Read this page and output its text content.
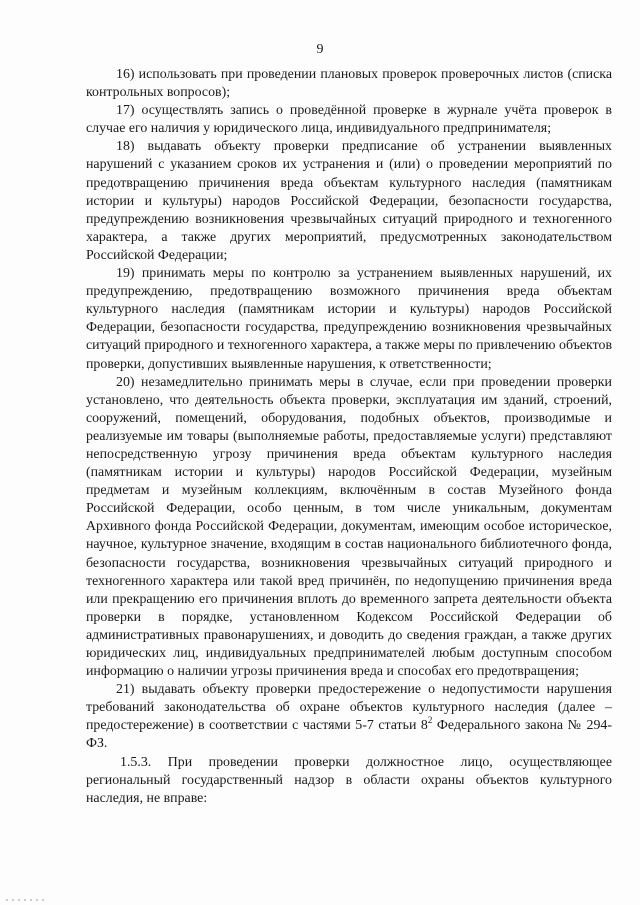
9

16) использовать при проведении плановых проверок проверочных листов (списка контрольных вопросов);

17) осуществлять запись о проведённой проверке в журнале учёта проверок в случае его наличия у юридического лица, индивидуального предпринимателя;

18) выдавать объекту проверки предписание об устранении выявленных нарушений с указанием сроков их устранения и (или) о проведении мероприятий по предотвращению причинения вреда объектам культурного наследия (памятникам истории и культуры) народов Российской Федерации, безопасности государства, предупреждению возникновения чрезвычайных ситуаций природного и техногенного характера, а также других мероприятий, предусмотренных законодательством Российской Федерации;

19) принимать меры по контролю за устранением выявленных нарушений, их предупреждению, предотвращению возможного причинения вреда объектам культурного наследия (памятникам истории и культуры) народов Российской Федерации, безопасности государства, предупреждению возникновения чрезвычайных ситуаций природного и техногенного характера, а также меры по привлечению объектов проверки, допустивших выявленные нарушения, к ответственности;

20) незамедлительно принимать меры в случае, если при проведении проверки установлено, что деятельность объекта проверки, эксплуатация им зданий, строений, сооружений, помещений, оборудования, подобных объектов, производимые и реализуемые им товары (выполняемые работы, предоставляемые услуги) представляют непосредственную угрозу причинения вреда объектам культурного наследия (памятникам истории и культуры) народов Российской Федерации, музейным предметам и музейным коллекциям, включённым в состав Музейного фонда Российской Федерации, особо ценным, в том числе уникальным, документам Архивного фонда Российской Федерации, документам, имеющим особое историческое, научное, культурное значение, входящим в состав национального библиотечного фонда, безопасности государства, возникновения чрезвычайных ситуаций природного и техногенного характера или такой вред причинён, по недопущению причинения вреда или прекращению его причинения вплоть до временного запрета деятельности объекта проверки в порядке, установленном Кодексом Российской Федерации об административных правонарушениях, и доводить до сведения граждан, а также других юридических лиц, индивидуальных предпринимателей любым доступным способом информацию о наличии угрозы причинения вреда и способах его предотвращения;

21) выдавать объекту проверки предостережение о недопустимости нарушения требований законодательства об охране объектов культурного наследия (далее – предостережение) в соответствии с частями 5-7 статьи $8^2$ Федерального закона № 294-ФЗ.

1.5.3. При проведении проверки должностное лицо, осуществляющее региональный государственный надзор в области охраны объектов культурного наследия, не вправе:
